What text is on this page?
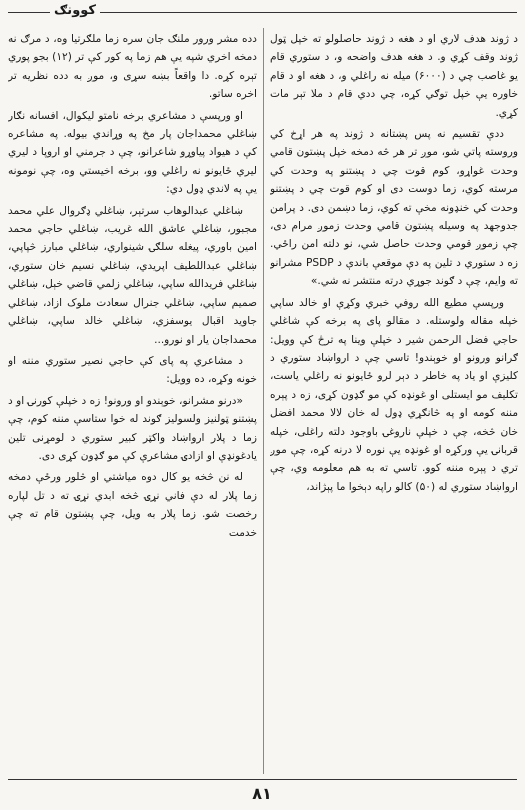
کوونګ

د ژوند هدف لاري او د هغه د ژوند حاصلولو ته خپل ټول ژوند وقف کړي و. د هغه هدف واضحه و، د ستوري قام یو غاصب چي د (۶۰۰۰) میله نه راغلي و، د هغه او د قام خاوره یې خپل توګي کړه، چي ددي قام د ملا تېر مات کړي.

ددې تقسیم نه پس پښتانه د ژوند په هر اړخ کي وروسته پاتي شو، موږ تر هر څه دمخه خپل پښتون قامي وحدت غواړو، کوم قوت چي د پښتنو په وحدت کي مرسته کوي، زما دوست دی او کوم قوت چي د پښتنو وحدت کي خنډونه مخې ته کوي، زما دښمن دی. د پرامن جدوجهد په وسیله پښتون قامي وحدت زموږ مرام دی، چې زموږ قومي وحدت حاصل شي، نو دلته امن راځي. زه د ستوري د تلین په دې موقعې باندې د PSDP مشرانو ته وایم، چې د ګوند جوړي درته منتشر نه شي.»

ورپسې مطیع الله روفي خبري وکړې او خالد ساپي خپله مقاله ولوستله. د مقالو پای په برخه کې شاغلي حاجي فضل الرحمن شیر د خپلې وینا په ترڅ کې وویل: ګرانو ورونو او خوېندو! تاسي چې د ارواښاد ستوري د کلیزې او یاد په خاطر د دېر لرو ځایونو نه راغلي یاست، تکلیف مو ایستلی او غونډه کې مو ګډون کړی، زه د پېره مننه کومه او په څانګړي ډول له خان لالا محمد افضل خان څخه، چې د خپلې ناروغۍ باوجود دلته راغلی، خپله قربانۍ یې ورکړه او غونډه یې نوره لا درنه کړه، چې موږ تري د پېره مننه کوو. تاسي ته به هم معلومه وي، چې ارواښاد ستوري له (۵۰) کالو راپه دېخوا ما پېژاند،

دده مشر ورور ملنګ جان سره زما ملګرتیا وه، د مرګ نه دمخه اخري شپه یې هم زما په کور کې تر (۱۲) بجو پوري تېره کړه. دا واقعاً بښه سړی و، موږ به دده نظریه تر اخره ساتو.

او ورپسې د مشاعري برخه نامتو لیکوال، افسانه نګار ښاغلي محمداجان پار مخ په وړاندي بیوله. په مشاعره کې د هیواد پیاوړو شاعرانو، چې د جرمني او اروپا د لیري لیري ځایونو نه راغلي وو، برخه اخیستي وه، چې نومونه یې په لاندي ډول دي:

ښاغلي عبدالوهاب سرتېر، ښاغلي ډګروال علي محمد مجبور، ښاغلي عاشق الله غریب، ښاغلي حاجي محمد امین باوري، پیغله سلګۍ شینواري، ښاغلي مبارز څپاپي، ښاغلي عبداللطیف اپریدي، ښاغلي نسیم خان ستوري، ښاغلي فریدالله ساپي، ښاغلي زلمي قاضي خېل، ښاغلي صمیم ساپي، ښاغلي جنرال سعادت ملوک ازاد، ښاغلي جاوید اقبال یوسفزي، ښاغلي خالد ساپي، ښاغلي محمداجان یار او نورو...

د مشاعري په پای کې حاجي نصیر ستوري مننه او خونه وکړه، ده وویل:

«درنو مشرانو، خوېندو او ورونو! زه د خپلې کورنۍ او د پښتنو ټولنیز ولسولیز ګوند له خوا ستاسې مننه کوم، چې زما د پلار ارواښاد واکټر کبیر ستوري د لومړنی تلین یادغونډې او ازادۍ مشاعرې کې مو ګډون کړی دی.

له نن څخه یو کال دوه میاشتي او څلور ورځې دمخه زما پلار له دې فاني نړۍ څخه ابدي نړۍ ته د تل لپاره رخصت شو. زما پلار به ویل، چې پښتون قام ته چې خدمت

۸۱
